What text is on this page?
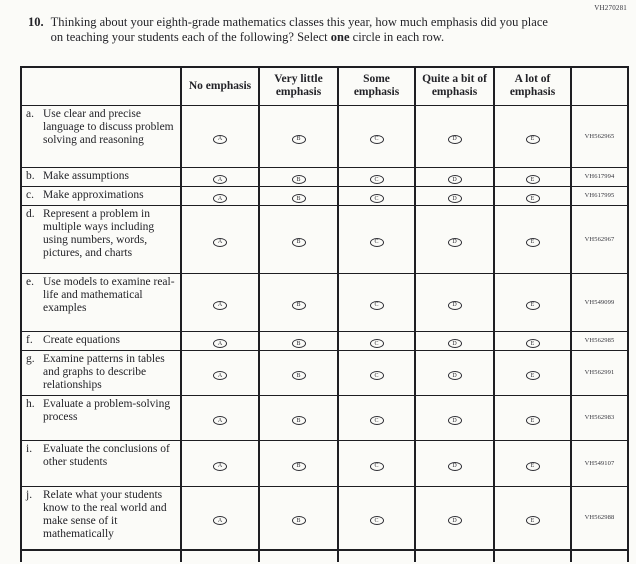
VH270281
10. Thinking about your eighth-grade mathematics classes this year, how much emphasis did you place on teaching your students each of the following? Select one circle in each row.
	No emphasis	Very little emphasis	Some emphasis	Quite a bit of emphasis	A lot of emphasis	

a. Use clear and precise language to discuss problem solving and reasoning	A	B	C	D	E	VH562965

b. Make assumptions	A	B	C	D	E	VH617994

c. Make approximations	A	B	C	D	E	VH617995

d. Represent a problem in multiple ways including using numbers, words, pictures, and charts	A	B	C	D	E	VH562967

e. Use models to examine real-life and mathematical examples	A	B	C	D	E	VH549099

f. Create equations	A	B	C	D	E	VH562985

g. Examine patterns in tables and graphs to describe relationships	A	B	C	D	E	VH562991

h. Evaluate a problem-solving process	A	B	C	D	E	VH562983

i. Evaluate the conclusions of other students	A	B	C	D	E	VH549107

j. Relate what your students know to the real world and make sense of it mathematically	A	B	C	D	E	VH562988
